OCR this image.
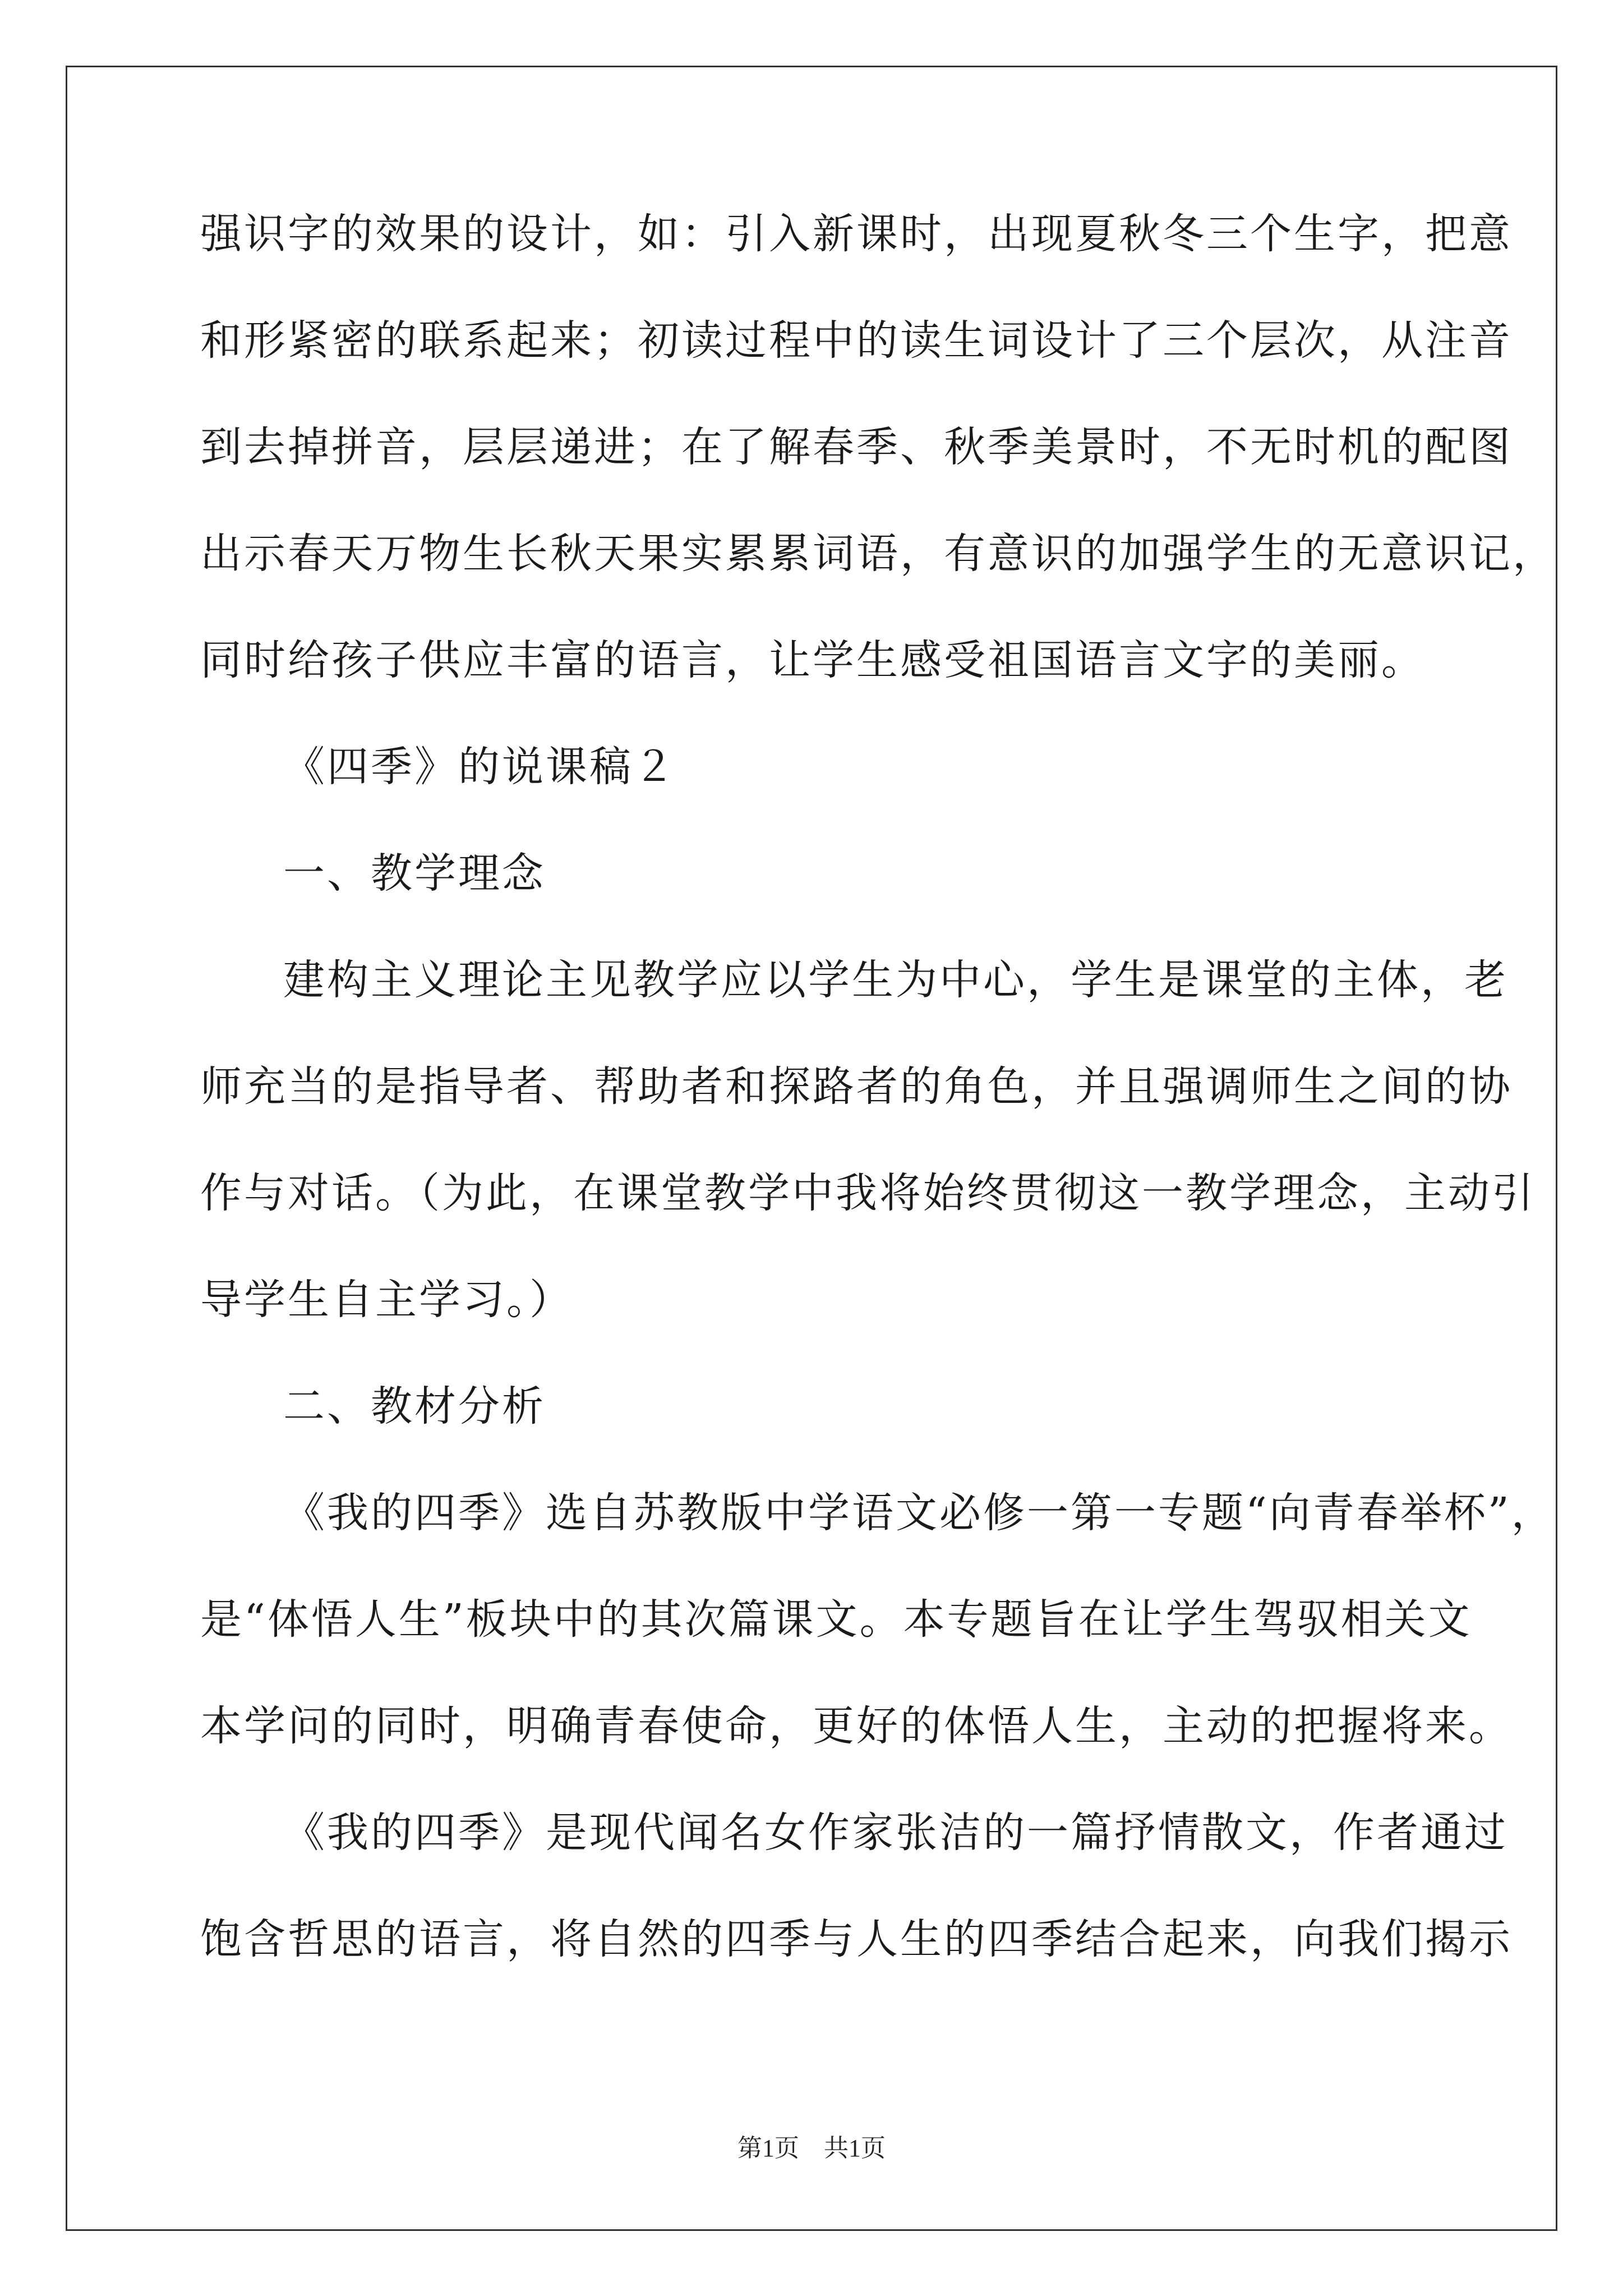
强识字的效果的设计，如：引入新课时，出现夏秋冬三个生字，把意

和形紧密的联系起来；初读过程中的读生词设计了三个层次，从注音

到去掉拼音，层层递进；在了解春季、秋季美景时，不无时机的配图

出示春天万物生长秋天果实累累词语，有意识的加强学生的无意识记，

同时给孩子供应丰富的语言，让学生感受祖国语言文字的美丽。

《四季》的说课稿２

一、教学理念

建构主义理论主见教学应以学生为中心，学生是课堂的主体，老

师充当的是指导者、帮助者和探路者的角色，并且强调师生之间的协

作与对话。（为此，在课堂教学中我将始终贯彻这一教学理念，主动引

导学生自主学习。）

二、教材分析

《我的四季》选自苏教版中学语文必修一第一专题“向青春举杯”，

是“体悟人生”板块中的其次篇课文。本专题旨在让学生驾驭相关文

本学问的同时，明确青春使命，更好的体悟人生，主动的把握将来。

《我的四季》是现代闻名女作家张洁的一篇抒情散文，作者通过

饱含哲思的语言，将自然的四季与人生的四季结合起来，向我们揭示

第1页　共1页
